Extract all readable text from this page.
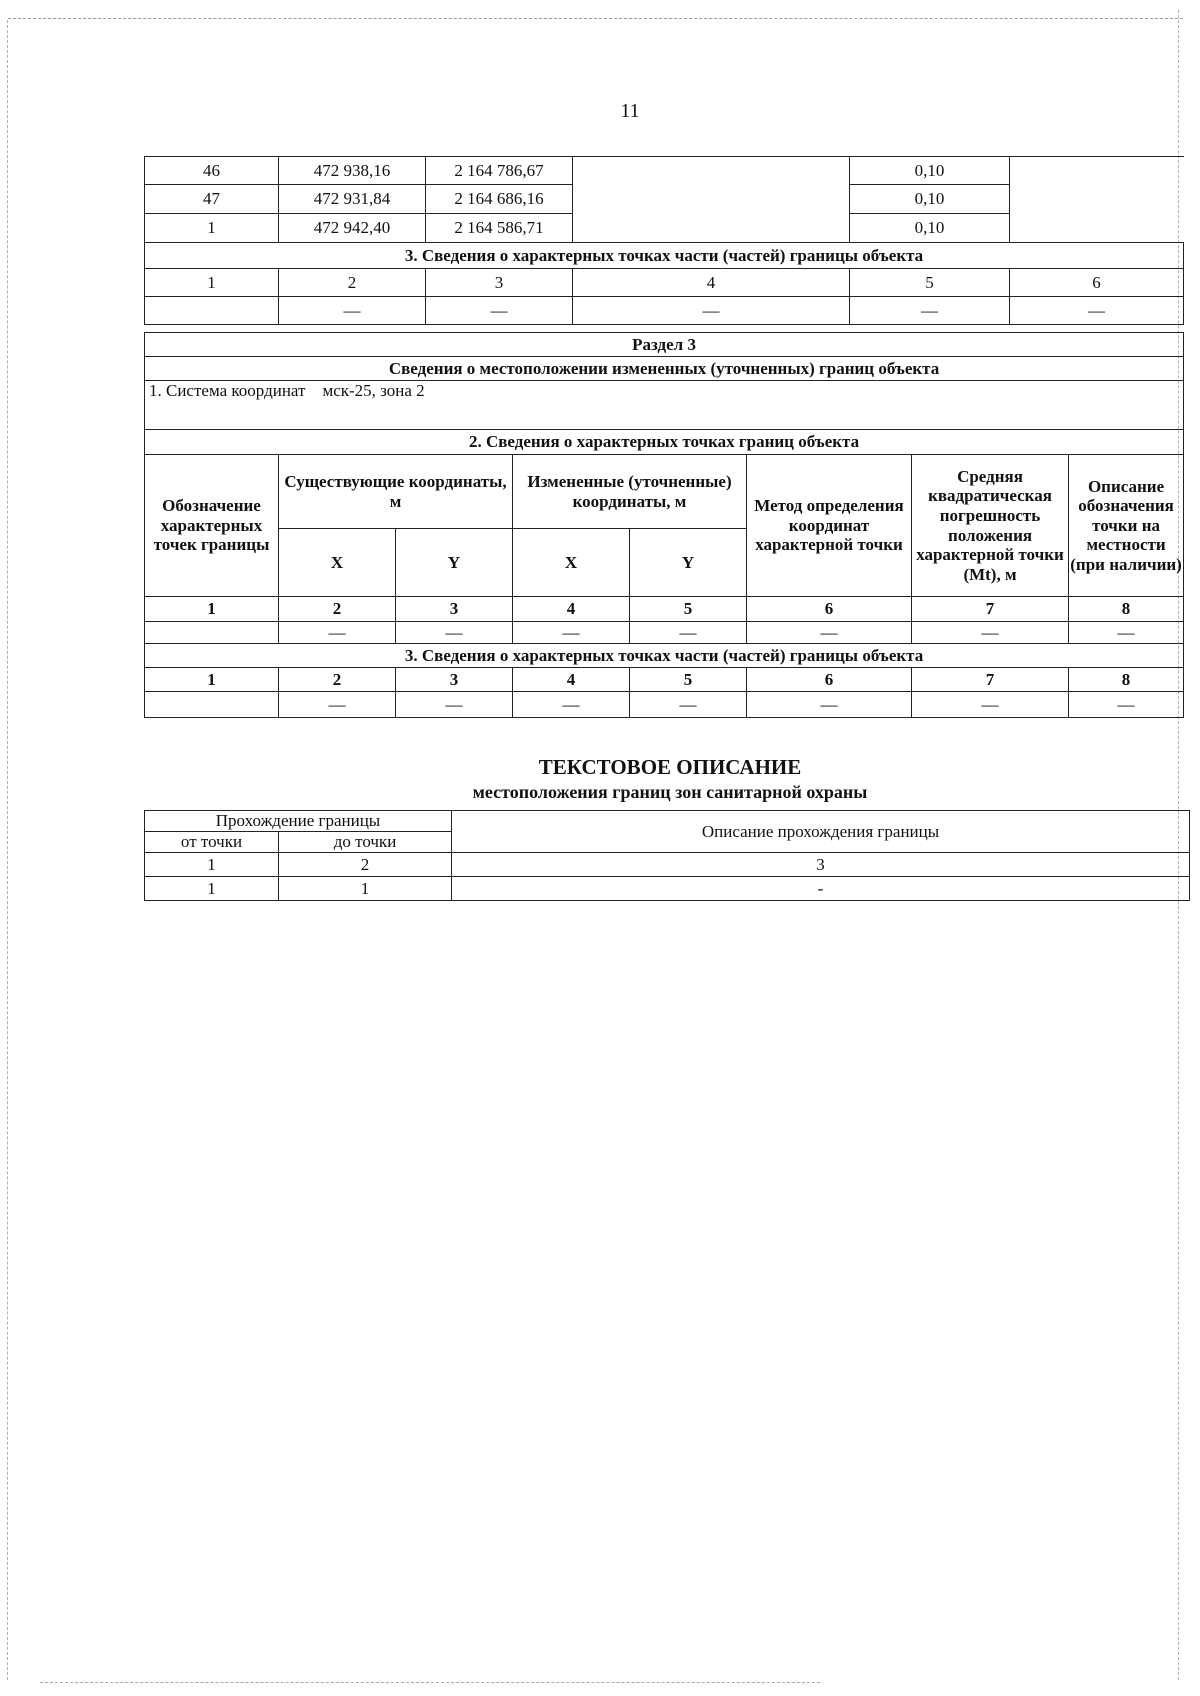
11
46	472 938,16	2 164 786,67		0,10	
47	472 931,84	2 164 686,16		0,10	
1	472 942,40	2 164 586,71		0,10	
3. Сведения о характерных точках части (частей) границы объекта					
1	2	3	4	5	6
	—	—	—	—	—
Раздел 3							
Сведения о местоположении измененных (уточненных) границ объекта							
1. Система координат мск-25, зона 2							
2. Сведения о характерных точках границ объекта							
Обозначение характерных точек границы	Существующие координаты, м		Измененные (уточненные) координаты, м		Метод определения координат характерной точки	Средняя квадратическая погрешность положения характерной точки (Mt), м	Описание обозначения точки на местности (при наличии)
	X	Y	X	Y			
1	2	3	4	5	6	7	8
	—	—	—	—	—	—	—
3. Сведения о характерных точках части (частей) границы объекта							
1	2	3	4	5	6	7	8
	—	—	—	—	—	—	—
ТЕКСТОВОЕ ОПИСАНИЕ
местоположения границ зон санитарной охраны
Прохождение границы		Описание прохождения границы
от точки	до точки	
1	2	3
1	1	-
